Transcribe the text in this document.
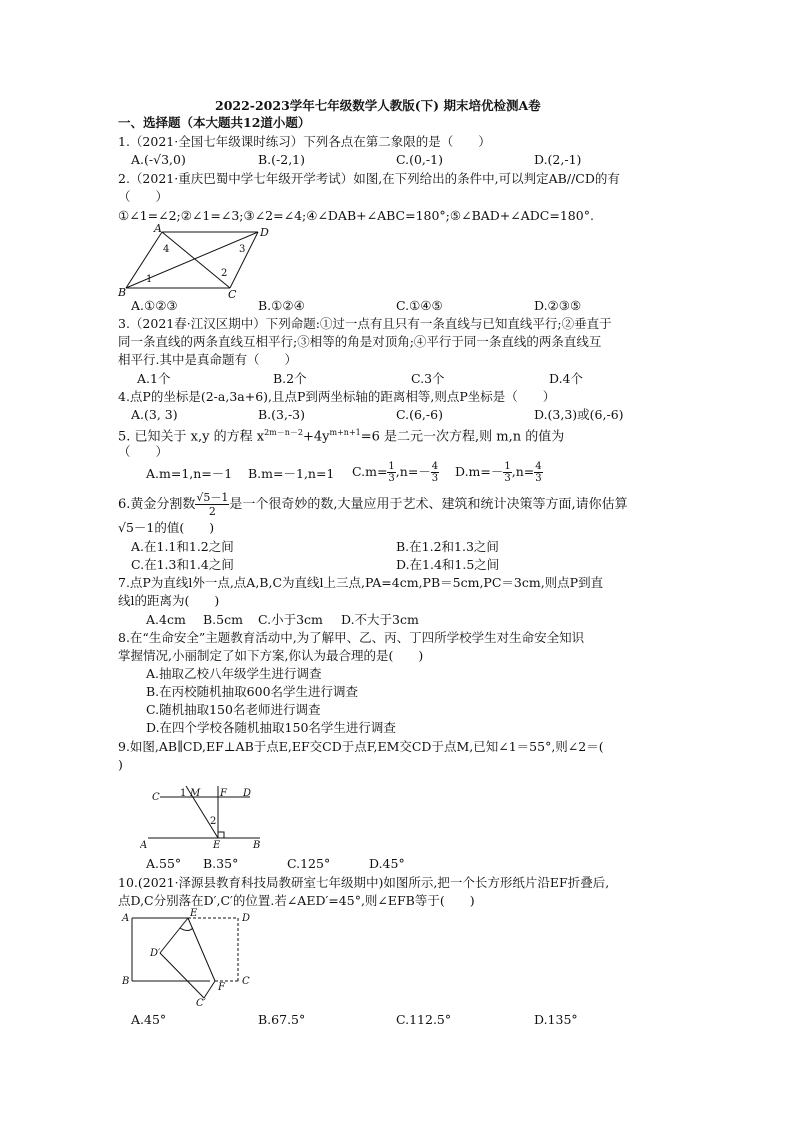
2022-2023学年七年级数学人教版(下) 期末培优检测A卷
一、选择题（本大题共12道小题）
1.（2021·全国七年级课时练习）下列各点在第二象限的是（　　）
A.(-√3,0)	B.(-2,1)	C.(0,-1)	D.(2,-1)
2.（2021·重庆巴蜀中学七年级开学考试）如图,在下列给出的条件中,可以判定AB//CD的有
（　　）
①∠1=∠2;②∠1=∠3;③∠2=∠4;④∠DAB+∠ABC=180°;⑤∠BAD+∠ADC=180°.
A	D
B	C
1
2
3
4
A.①②③	B.①②④	C.①④⑤	D.②③⑤
3.（2021春·江汉区期中）下列命题:①过一点有且只有一条直线与已知直线平行;②垂直于
同一条直线的两条直线互相平行;③相等的角是对顶角;④平行于同一条直线的两条直线互
相平行.其中是真命题有（　　）
A.1个	B.2个	C.3个	D.4个
4.点P的坐标是(2-a,3a+6),且点P到两坐标轴的距离相等,则点P坐标是（　　）
A.(3, 3)	B.(3,-3)	C.(6,-6)	D.(3,3)或(6,-6)
5. 已知关于 x,y 的方程 $x^{2m-n-2}+4y^{m+n+1}=6$ 是二元一次方程,则 m,n 的值为
（　　）
A.m=1,n=－1 B.m=－1,n=1 $C.m= \frac{1}{3} ,n=- \frac{4}{3} D.m=- \frac{1}{3} ,n= \frac{4}{3}$
6.黄金分割数 $\frac{√5-1}{2}$ 是一个很奇妙的数,大量应用于艺术、建筑和统计决策等方面,请你估算
√5－1的值(　　)
A.在1.1和1.2之间	B.在1.2和1.3之间
C.在1.3和1.4之间	D.在1.4和1.5之间
7.点P为直线l外一点,点A,B,C为直线l上三点,PA=4cm,PB＝5cm,PC＝3cm,则点P到直
线l的距离为(　　)
A.4cm B.5cm C.小于3cm D.不大于3cm
8.在“生命安全”主题教育活动中,为了解甲、乙、丙、丁四所学校学生对生命安全知识
掌握情况,小丽制定了如下方案,你认为最合理的是(　　)
A.抽取乙校八年级学生进行调查
B.在丙校随机抽取600名学生进行调查
C.随机抽取150名老师进行调查
D.在四个学校各随机抽取150名学生进行调查
9.如图,AB∥CD,EF⊥AB于点E,EF交CD于点F,EM交CD于点M,已知∠1＝55°,则∠2＝(
)
C 1 M F D
2
A	E	B
A.55° B.35°	C.125°	D.45°
10.(2021·泽源县教育科技局教研室七年级期中)如图所示,把一个长方形纸片沿EF折叠后,
点D,C分别落在D′,C′的位置.若∠AED′=45°,则∠EFB等于(　　)
A	E	D
D′
B
F
C
C′
A.45°	B.67.5°	C.112.5°	D.135°
